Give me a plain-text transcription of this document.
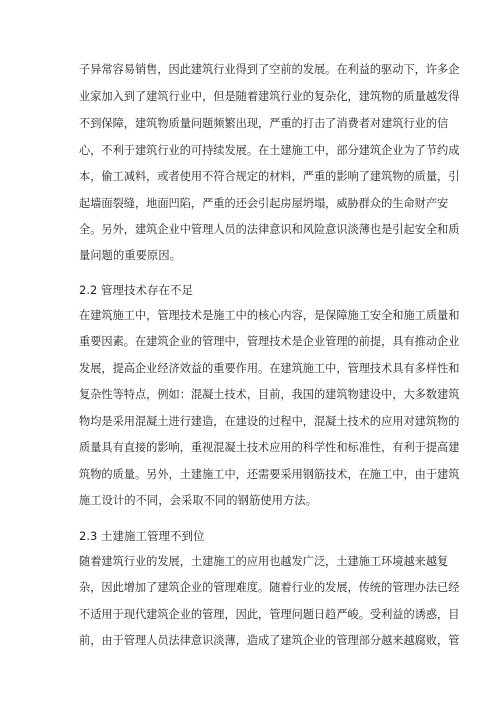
子异常容易销售，因此建筑行业得到了空前的发展。在利益的驱动下，许多企
业家加入到了建筑行业中，但是随着建筑行业的复杂化，建筑物的质量越发得
不到保障，建筑物质量问题频繁出现，严重的打击了消费者对建筑行业的信
心，不利于建筑行业的可持续发展。在土建施工中，部分建筑企业为了节约成
本，偷工减料，或者使用不符合规定的材料，严重的影响了建筑物的质量，引
起墙面裂缝，地面凹陷，严重的还会引起房屋坍塌，威胁群众的生命财产安
全。另外，建筑企业中管理人员的法律意识和风险意识淡薄也是引起安全和质
量问题的重要原因。
2.2 管理技术存在不足
在建筑施工中，管理技术是施工中的核心内容，是保障施工安全和施工质量和
重要因素。在建筑企业的管理中，管理技术是企业管理的前提，具有推动企业
发展，提高企业经济效益的重要作用。在建筑施工中，管理技术具有多样性和
复杂性等特点，例如：混凝土技术，目前，我国的建筑物建设中，大多数建筑
物均是采用混凝土进行建造，在建设的过程中，混凝土技术的应用对建筑物的
质量具有直接的影响，重视混凝土技术应用的科学性和标准性，有利于提高建
筑物的质量。另外，土建施工中，还需要采用钢筋技术，在施工中，由于建筑
施工设计的不同，会采取不同的钢筋使用方法。
2.3 土建施工管理不到位
随着建筑行业的发展，土建施工的应用也越发广泛，土建施工环境越来越复
杂，因此增加了建筑企业的管理难度。随着行业的发展，传统的管理办法已经
不适用于现代建筑企业的管理，因此，管理问题日趋严峻。受利益的诱惑，目
前，由于管理人员法律意识淡薄，造成了建筑企业的管理部分越来越腐败，管
